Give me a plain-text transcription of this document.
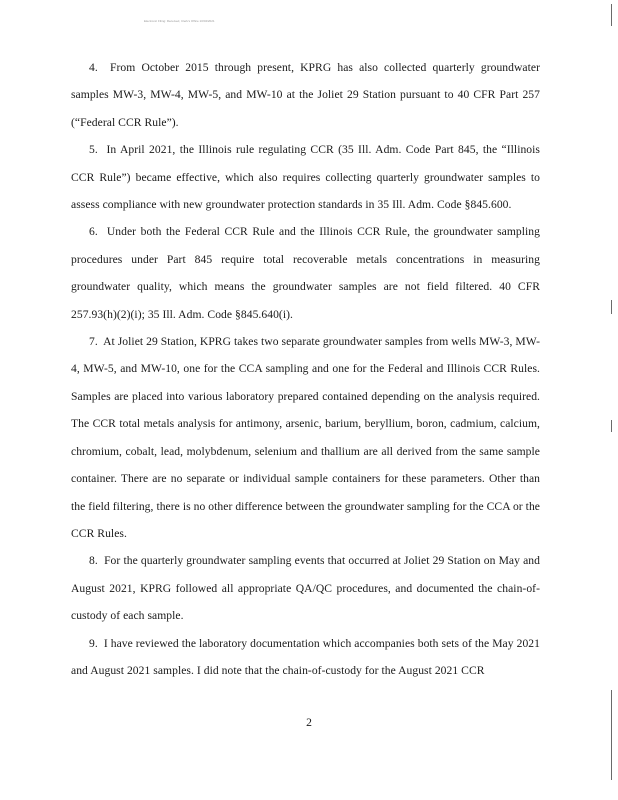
Electronic Filing: Received, Clerk's Office 10/04/2021

4. From October 2015 through present, KPRG has also collected quarterly groundwater samples MW-3, MW-4, MW-5, and MW-10 at the Joliet 29 Station pursuant to 40 CFR Part 257 (“Federal CCR Rule”).

5. In April 2021, the Illinois rule regulating CCR (35 Ill. Adm. Code Part 845, the “Illinois CCR Rule”) became effective, which also requires collecting quarterly groundwater samples to assess compliance with new groundwater protection standards in 35 Ill. Adm. Code §845.600.

6. Under both the Federal CCR Rule and the Illinois CCR Rule, the groundwater sampling procedures under Part 845 require total recoverable metals concentrations in measuring groundwater quality, which means the groundwater samples are not field filtered. 40 CFR 257.93(h)(2)(i); 35 Ill. Adm. Code §845.640(i).

7. At Joliet 29 Station, KPRG takes two separate groundwater samples from wells MW-3, MW-4, MW-5, and MW-10, one for the CCA sampling and one for the Federal and Illinois CCR Rules. Samples are placed into various laboratory prepared contained depending on the analysis required. The CCR total metals analysis for antimony, arsenic, barium, beryllium, boron, cadmium, calcium, chromium, cobalt, lead, molybdenum, selenium and thallium are all derived from the same sample container. There are no separate or individual sample containers for these parameters. Other than the field filtering, there is no other difference between the groundwater sampling for the CCA or the CCR Rules.

8. For the quarterly groundwater sampling events that occurred at Joliet 29 Station on May and August 2021, KPRG followed all appropriate QA/QC procedures, and documented the chain-of-custody of each sample.

9. I have reviewed the laboratory documentation which accompanies both sets of the May 2021 and August 2021 samples. I did note that the chain-of-custody for the August 2021 CCR

2
